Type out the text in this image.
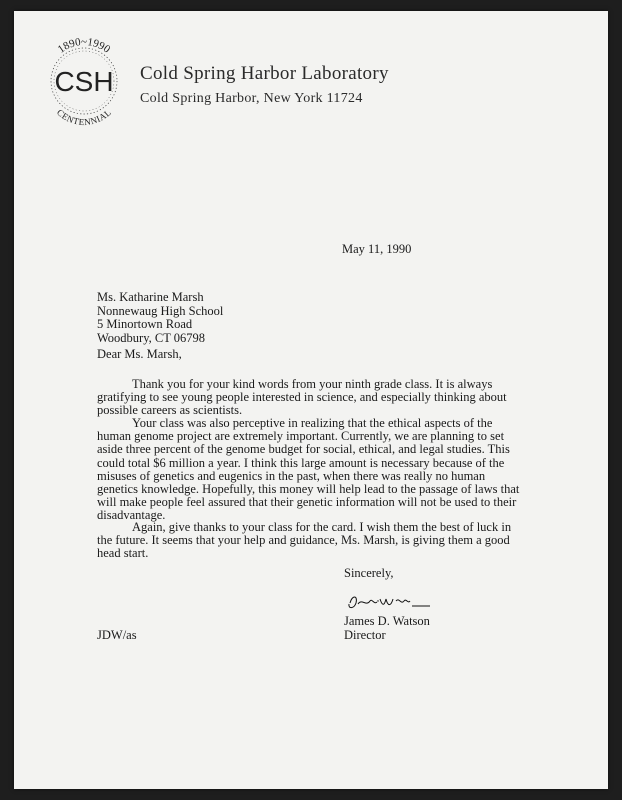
1890~1990
CSH
CENTENNIAL
Cold Spring Harbor Laboratory
Cold Spring Harbor, New York 11724
May 11, 1990
Ms. Katharine Marsh
Nonnewaug High School
5 Minortown Road
Woodbury, CT 06798
Dear Ms. Marsh,
Thank you for your kind words from your ninth grade class. It is always
gratifying to see young people interested in science, and especially thinking about
possible careers as scientists.
Your class was also perceptive in realizing that the ethical aspects of the
human genome project are extremely important. Currently, we are planning to set
aside three percent of the genome budget for social, ethical, and legal studies. This
could total $6 million a year. I think this large amount is necessary because of the
misuses of genetics and eugenics in the past, when there was really no human
genetics knowledge. Hopefully, this money will help lead to the passage of laws that
will make people feel assured that their genetic information will not be used to their
disadvantage.
Again, give thanks to your class for the card. I wish them the best of luck in
the future. It seems that your help and guidance, Ms. Marsh, is giving them a good
head start.
Sincerely,
James D. Watson
Director
JDW/as
